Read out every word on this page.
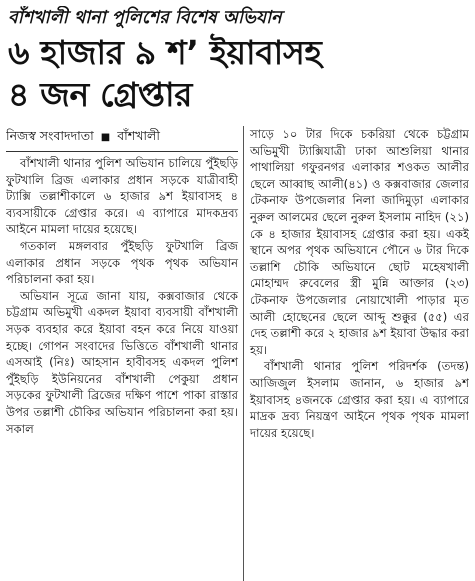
বাঁশখালী থানা পুলিশের বিশেষ অভিযান
৬ হাজার ৯ শ’ ইয়াবাসহ
৪ জন গ্রেপ্তার
নিজস্ব সংবাদদাতা ■ বাঁশখালী

বাঁশখালী থানার পুলিশ অভিযান চালিয়ে পুঁইছড়ি ফুটখালি ব্রিজ এলাকার প্রধান সড়কে যাত্রীবাহী ট্যাক্সি তল্লাশীকালে ৬ হাজার ৯শ ইয়াবাসহ ৪ ব্যবসায়ীকে গ্রেপ্তার করে। এ ব্যাপারে মাদকদ্রব্য আইনে মামলা দায়ের হয়েছে।

গতকাল মঙ্গলবার পুঁইছড়ি ফুটখালি ব্রিজ এলাকার প্রধান সড়কে পৃথক পৃথক অভিযান পরিচালনা করা হয়।

অভিযান সূত্রে জানা যায়, কক্সবাজার থেকে চট্টগ্রাম অভিমুখী একদল ইয়াবা ব্যবসায়ী বাঁশখালী সড়ক ব্যবহার করে ইয়াবা বহন করে নিয়ে যাওয়া হচ্ছে। গোপন সংবাদের ভিত্তিতে বাঁশখালী থানার এসআই (নিঃ) আহসান হাবীবসহ একদল পুলিশ পুঁইছড়ি ইউনিয়নের বাঁশখালী পেকুয়া প্রধান সড়কের ফুটখালী ব্রিজের দক্ষিণ পাশে পাকা রাস্তার উপর তল্লাশী চৌকির অভিযান পরিচালনা করা হয়। সকাল

সাড়ে ১০ টার দিকে চকরিয়া থেকে চট্টগ্রাম অভিমুখী ট্যাক্সিযাত্রী ঢাকা আশুলিয়া থানার পাথালিয়া গফুরনগর এলাকার শওকত আলীর ছেলে আব্বাছ আলী(৪১) ও কক্সবাজার জেলার টেকনাফ উপজেলার নিলা জাদিমুড়া এলাকার নুরুল আলমের ছেলে নুরুল ইসলাম নাহিদ (২১) কে ৪ হাজার ইয়াবাসহ গ্রেপ্তার করা হয়। একই স্থানে অপর পৃথক অভিযানে পৌনে ৬ টার দিকে তল্লাশি চৌকি অভিযানে ছোট মহেষখালী মোহাম্মদ রুবেলের স্ত্রী মুন্নি আক্তার (২৩) টেকনাফ উপজেলার নোয়াখোলী পাড়ার মৃত আলী হোছেনের ছেলে আব্দু শুক্কুর (৫৫) এর দেহ তল্লাশী করে ২ হাজার ৯শ ইয়াবা উদ্ধার করা হয়।

বাঁশখালী থানার পুলিশ পরিদর্শক (তদন্ত) আজিজুল ইসলাম জানান, ৬ হাজার ৯শ ইয়াবাসহ ৪জনকে গ্রেপ্তার করা হয়। এ ব্যাপারে মাদ্রক দ্রব্য নিয়ন্ত্রণ আইনে পৃথক পৃথক মামলা দায়ের হয়েছে।
